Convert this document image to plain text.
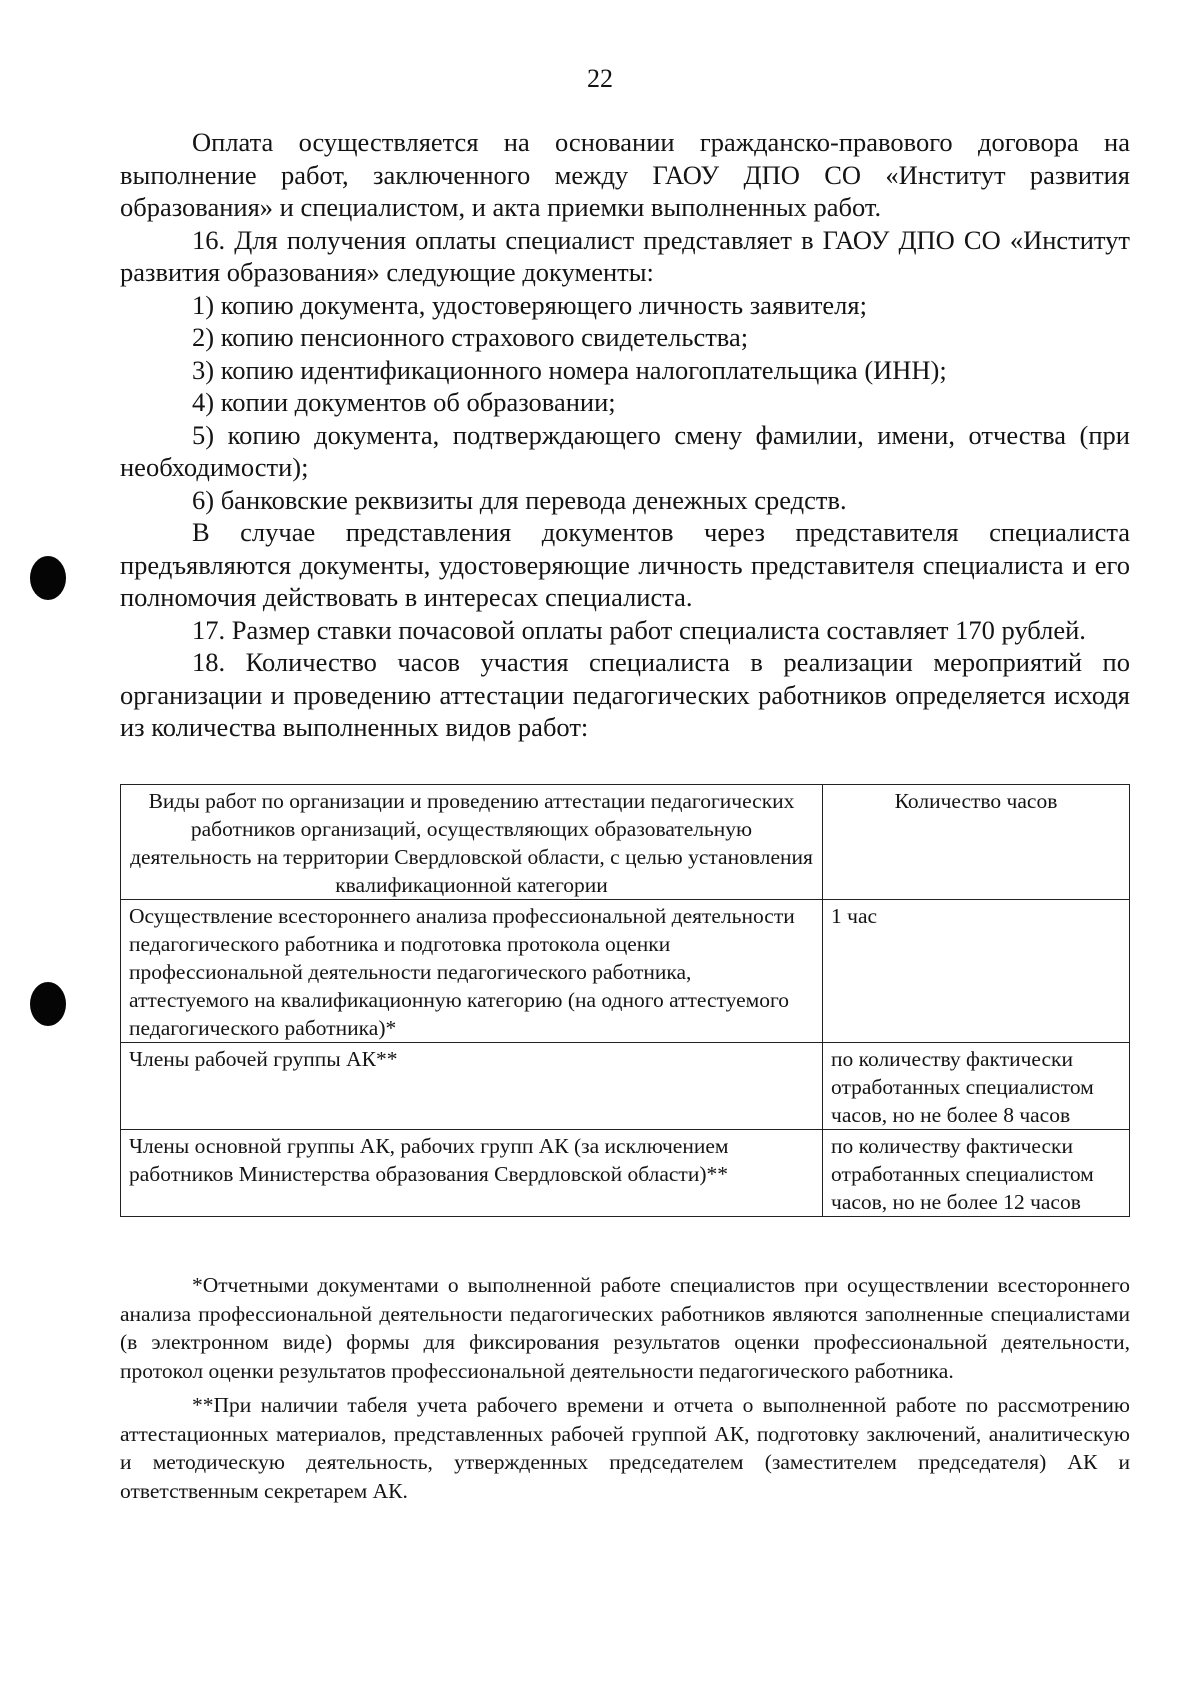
22

Оплата осуществляется на основании гражданско-правового договора на выполнение работ, заключенного между ГАОУ ДПО СО «Институт развития образования» и специалистом, и акта приемки выполненных работ.

16. Для получения оплаты специалист представляет в ГАОУ ДПО СО «Институт развития образования» следующие документы:

1) копию документа, удостоверяющего личность заявителя;

2) копию пенсионного страхового свидетельства;

3) копию идентификационного номера налогоплательщика (ИНН);

4) копии документов об образовании;

5) копию документа, подтверждающего смену фамилии, имени, отчества (при необходимости);

6) банковские реквизиты для перевода денежных средств.

В случае представления документов через представителя специалиста предъявляются документы, удостоверяющие личность представителя специалиста и его полномочия действовать в интересах специалиста.

17. Размер ставки почасовой оплаты работ специалиста составляет 170 рублей.

18. Количество часов участия специалиста в реализации мероприятий по организации и проведению аттестации педагогических работников определяется исходя из количества выполненных видов работ:

Виды работ по организации и проведению аттестации педагогических работников организаций, осуществляющих образовательную деятельность на территории Свердловской области, с целью установления квалификационной категории	Количество часов
Осуществление всестороннего анализа профессиональной деятельности педагогического работника и подготовка протокола оценки профессиональной деятельности педагогического работника, аттестуемого на квалификационную категорию (на одного аттестуемого педагогического работника)*	1 час
Члены рабочей группы АК**	по количеству фактически отработанных специалистом часов, но не более 8 часов
Члены основной группы АК, рабочих групп АК (за исключением работников Министерства образования Свердловской области)**	по количеству фактически отработанных специалистом часов, но не более 12 часов

*Отчетными документами о выполненной работе специалистов при осуществлении всестороннего анализа профессиональной деятельности педагогических работников являются заполненные специалистами (в электронном виде) формы для фиксирования результатов оценки профессиональной деятельности, протокол оценки результатов профессиональной деятельности педагогического работника.

**При наличии табеля учета рабочего времени и отчета о выполненной работе по рассмотрению аттестационных материалов, представленных рабочей группой АК, подготовку заключений, аналитическую и методическую деятельность, утвержденных председателем (заместителем председателя) АК и ответственным секретарем АК.
